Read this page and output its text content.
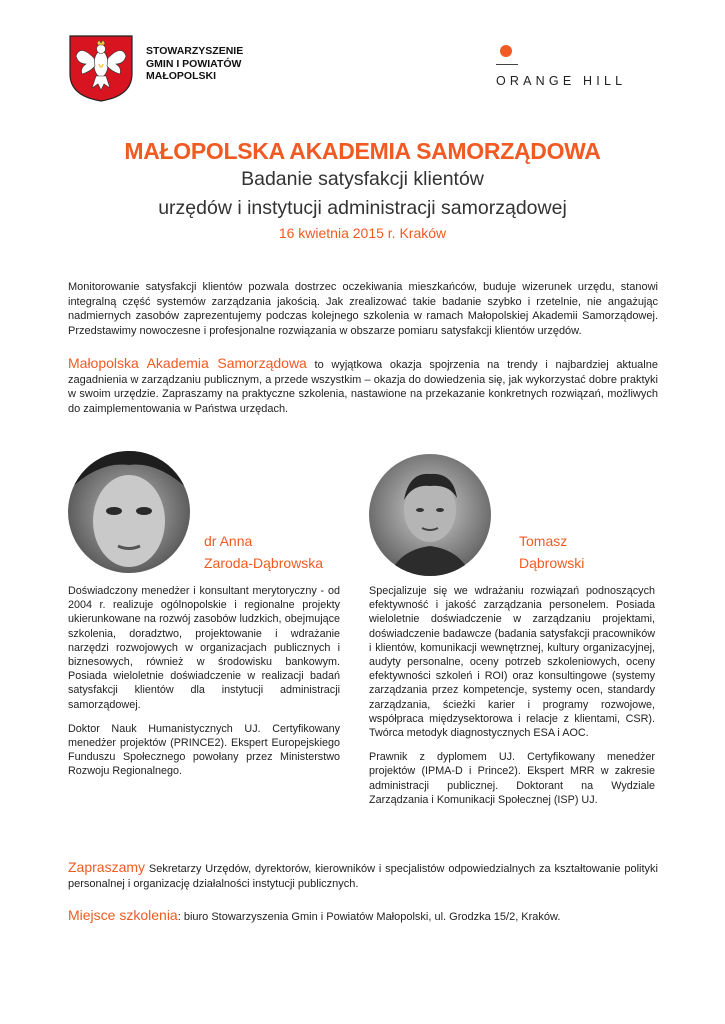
STOWARZYSZENIE
GMIN I POWIATÓW
MAŁOPOLSKI	ORANGE HILL
MAŁOPOLSKA AKADEMIA SAMORZĄDOWA
Badanie satysfakcji klientów
urzędów i instytucji administracji samorządowej
16 kwietnia 2015 r. Kraków
Monitorowanie satysfakcji klientów pozwala dostrzec oczekiwania mieszkańców, buduje wizerunek urzędu, stanowi integralną część systemów zarządzania jakością. Jak zrealizować takie badanie szybko i rzetelnie, nie angażując nadmiernych zasobów zaprezentujemy podczas kolejnego szkolenia w ramach Małopolskiej Akademii Samorządowej. Przedstawimy nowoczesne i profesjonalne rozwiązania w obszarze pomiaru satysfakcji klientów urzędów.
Małopolska Akademia Samorządowa to wyjątkowa okazja spojrzenia na trendy i najbardziej aktualne zagadnienia w zarządzaniu publicznym, a przede wszystkim – okazja do dowiedzenia się, jak wykorzystać dobre praktyki w swoim urzędzie. Zapraszamy na praktyczne szkolenia, nastawione na przekazanie konkretnych rozwiązań, możliwych do zaimplementowania w Państwa urzędach.
dr Anna
Zaroda-Dąbrowska
Tomasz
Dąbrowski

Doświadczony menedżer i konsultant merytoryczny - od 2004 r. realizuje ogólnopolskie i regionalne projekty ukierunkowane na rozwój zasobów ludzkich, obejmujące szkolenia, doradztwo, projektowanie i wdrażanie narzędzi rozwojowych w organizacjach publicznych i biznesowych, również w środowisku bankowym. Posiada wieloletnie doświadczenie w realizacji badań satysfakcji klientów dla instytucji administracji samorządowej.

Doktor Nauk Humanistycznych UJ. Certyfikowany menedżer projektów (PRINCE2). Ekspert Europejskiego Funduszu Społecznego powołany przez Ministerstwo Rozwoju Regionalnego.

Specjalizuje się we wdrażaniu rozwiązań podnoszących efektywność i jakość zarządzania personelem. Posiada wieloletnie doświadczenie w zarządzaniu projektami, doświadczenie badawcze (badania satysfakcji pracowników i klientów, komunikacji wewnętrznej, kultury organizacyjnej, audyty personalne, oceny potrzeb szkoleniowych, oceny efektywności szkoleń i ROI) oraz konsultingowe (systemy zarządzania przez kompetencje, systemy ocen, standardy zarządzania, ścieżki karier i programy rozwojowe, współpraca międzysektorowa i relacje z klientami, CSR). Twórca metodyk diagnostycznych ESA i AOC.

Prawnik z dyplomem UJ. Certyfikowany menedżer projektów (IPMA-D i Prince2). Ekspert MRR w zakresie administracji publicznej. Doktorant na Wydziale Zarządzania i Komunikacji Społecznej (ISP) UJ.

Zapraszamy Sekretarzy Urzędów, dyrektorów, kierowników i specjalistów odpowiedzialnych za kształtowanie polityki personalnej i organizację działalności instytucji publicznych.
Miejsce szkolenia: biuro Stowarzyszenia Gmin i Powiatów Małopolski, ul. Grodzka 15/2, Kraków.
